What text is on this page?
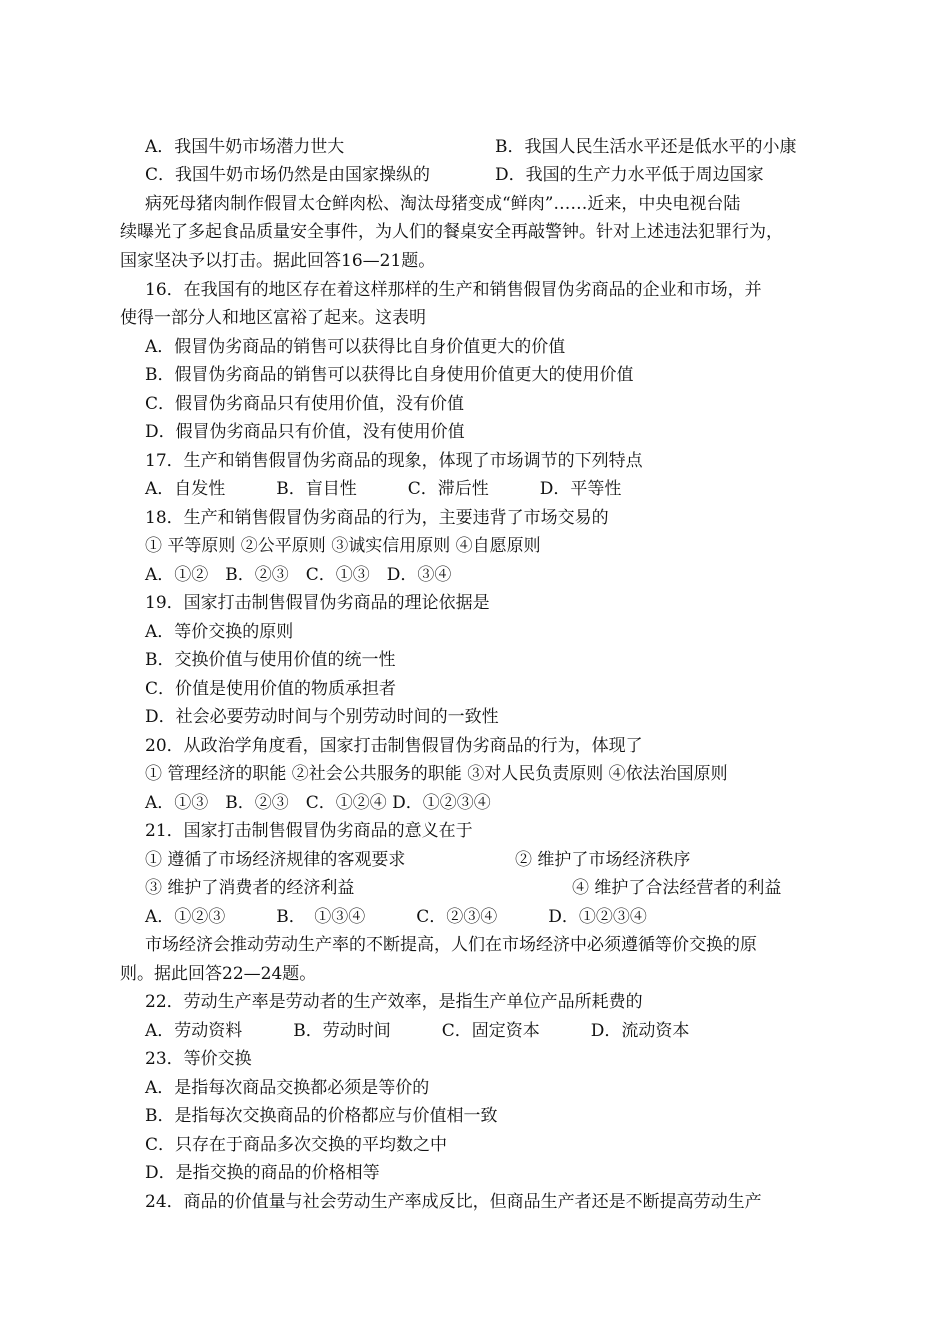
A．我国牛奶市场潜力世大	B．我国人民生活水平还是低水平的小康
C．我国牛奶市场仍然是由国家操纵的	D．我国的生产力水平低于周边国家
病死母猪肉制作假冒太仓鲜肉松、淘汰母猪变成“鲜肉”……近来，中央电视台陆
续曝光了多起食品质量安全事件，为人们的餐桌安全再敲警钟。针对上述违法犯罪行为，
国家坚决予以打击。据此回答16—21题。
16．在我国有的地区存在着这样那样的生产和销售假冒伪劣商品的企业和市场，并
使得一部分人和地区富裕了起来。这表明
A．假冒伪劣商品的销售可以获得比自身价值更大的价值
B．假冒伪劣商品的销售可以获得比自身使用价值更大的使用价值
C．假冒伪劣商品只有使用价值，没有价值
D．假冒伪劣商品只有价值，没有使用价值
17．生产和销售假冒伪劣商品的现象，体现了市场调节的下列特点
A．自发性　　　B．盲目性　　　C．滞后性　　　D．平等性
18．生产和销售假冒伪劣商品的行为，主要违背了市场交易的
① 平等原则 ②公平原则 ③诚实信用原则 ④自愿原则
A．①②　B．②③　C．①③　D．③④
19．国家打击制售假冒伪劣商品的理论依据是
A．等价交换的原则
B．交换价值与使用价值的统一性
C．价值是使用价值的物质承担者
D．社会必要劳动时间与个别劳动时间的一致性
20．从政治学角度看，国家打击制售假冒伪劣商品的行为，体现了
① 管理经济的职能 ②社会公共服务的职能 ③对人民负责原则 ④依法治国原则
A．①③　B．②③　C．①②④ D．①②③④
21．国家打击制售假冒伪劣商品的意义在于
① 遵循了市场经济规律的客观要求	② 维护了市场经济秩序
③ 维护了消费者的经济利益	④ 维护了合法经营者的利益
A．①②③　　　B．　①③④　　　C．②③④　　　D．①②③④
市场经济会推动劳动生产率的不断提高，人们在市场经济中必须遵循等价交换的原
则。据此回答22—24题。
22．劳动生产率是劳动者的生产效率，是指生产单位产品所耗费的
A．劳动资料　　　B．劳动时间　　　C．固定资本　　　D．流动资本
23．等价交换
A．是指每次商品交换都必须是等价的
B．是指每次交换商品的价格都应与价值相一致
C．只存在于商品多次交换的平均数之中
D．是指交换的商品的价格相等
24．商品的价值量与社会劳动生产率成反比，但商品生产者还是不断提高劳动生产
